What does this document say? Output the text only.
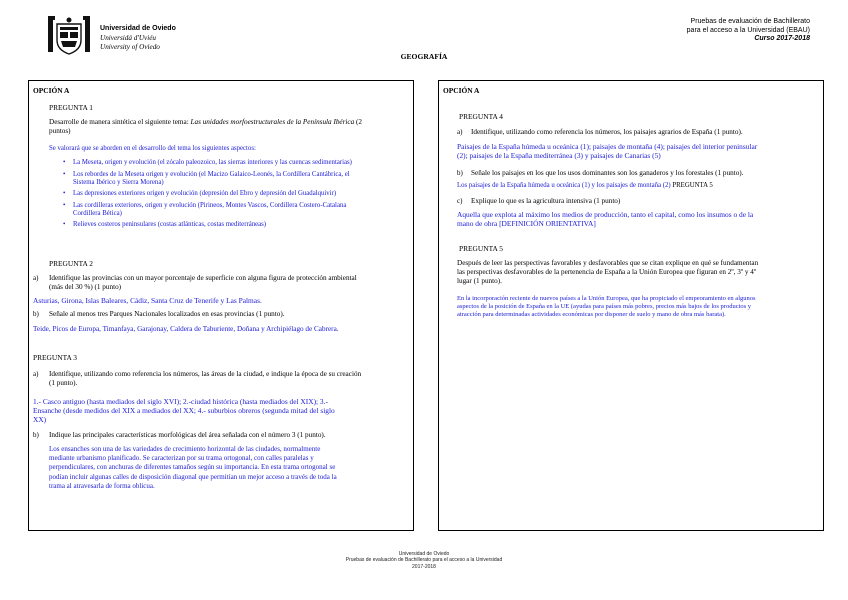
Universidad de Oviedo
Universidá d'Uviéu
University of Oviedo
Pruebas de evaluación de Bachillerato
para el acceso a la Universidad (EBAU)
Curso 2017-2018
GEOGRAFÍA
OPCIÓN A
PREGUNTA 1
Desarrolle de manera sintética el siguiente tema: Las unidades morfoestructurales de la Península Ibérica (2
puntos)
Se valorará que se aborden en el desarrollo del tema los siguientes aspectos:
• La Meseta, origen y evolución (el zócalo paleozoico, las sierras interiores y las cuencas sedimentarias)
• Los rebordes de la Meseta origen y evolución (el Macizo Galaico-Leonés, la Cordillera Cantábrica, el
Sistema Ibérico y Sierra Morena)
• Las depresiones exteriores origen y evolución (depresión del Ebro y depresión del Guadalquivir)
• Las cordilleras exteriores, origen y evolución (Pirineos, Montes Vascos, Cordillera Costero-Catalana
Cordillera Bética)
• Relieves costeros peninsulares (costas atlánticas, costas mediterráneas)
PREGUNTA 2
a) Identifique las provincias con un mayor porcentaje de superficie con alguna figura de protección ambiental
(más del 30 %) (1 punto)
Asturias, Girona, Islas Baleares, Cádiz, Santa Cruz de Tenerife y Las Palmas.
b) Señale al menos tres Parques Nacionales localizados en esas provincias (1 punto).
Teide, Picos de Europa, Timanfaya, Garajonay, Caldera de Taburiente, Doñana y Archipiélago de Cabrera.
PREGUNTA 3
a) Identifique, utilizando como referencia los números, las áreas de la ciudad, e indique la época de su creación
(1 punto).
1.- Casco antiguo (hasta mediados del siglo XVI); 2.-ciudad histórica (hasta mediados del XIX); 3.-
Ensanche (desde medidos del XIX a mediados del XX; 4.- suburbios obreros (segunda mitad del siglo
XX)
b) Indique las principales características morfológicas del área señalada con el número 3 (1 punto).
Los ensanches son una de las variedades de crecimiento horizontal de las ciudades, normalmente
mediante urbanismo planificado. Se caracterizan por su trama ortogonal, con calles paralelas y
perpendiculares, con anchuras de diferentes tamaños según su importancia. En esta trama ortogonal se
podían incluir algunas calles de disposición diagonal que permitían un mejor acceso a través de toda la
trama al atravesarla de forma oblicua.
OPCIÓN A
PREGUNTA 4
a) Identifique, utilizando como referencia los números, los paisajes agrarios de España (1 punto).
Paisajes de la España húmeda u oceánica (1); paisajes de montaña (4); paisajes del interior peninsular
(2); paisajes de la España mediterránea (3) y paisajes de Canarias (5)
b) Señale los paisajes en los que los usos dominantes son los ganaderos y los forestales (1 punto).
Los paisajes de la España húmeda u oceánica (1) y los paisajes de montaña (2) PREGUNTA 5
c) Explique lo que es la agricultura intensiva (1 punto)
Aquella que explota al máximo los medios de producción, tanto el capital, como los insumos o de la
mano de obra [DEFINICIÓN ORIENTATIVA]
PREGUNTA 5
Después de leer las perspectivas favorables y desfavorables que se citan explique en qué se fundamentan
las perspectivas desfavorables de la pertenencia de España a la Unión Europea que figuran en 2º, 3º y 4º
lugar (1 punto).
En la incorporación reciente de nuevos países a la Unión Europea, que ha propiciado el empeoramiento en algunos
aspectos de la posición de España en la UE (ayudas para países más pobres, precios más bajos de los productos y
atracción para determinadas actividades económicas por disponer de suelo y mano de obra más barata).
Universidad de Oviedo
Pruebas de evaluación de Bachillerato para el acceso a la Universidad
2017-2018
